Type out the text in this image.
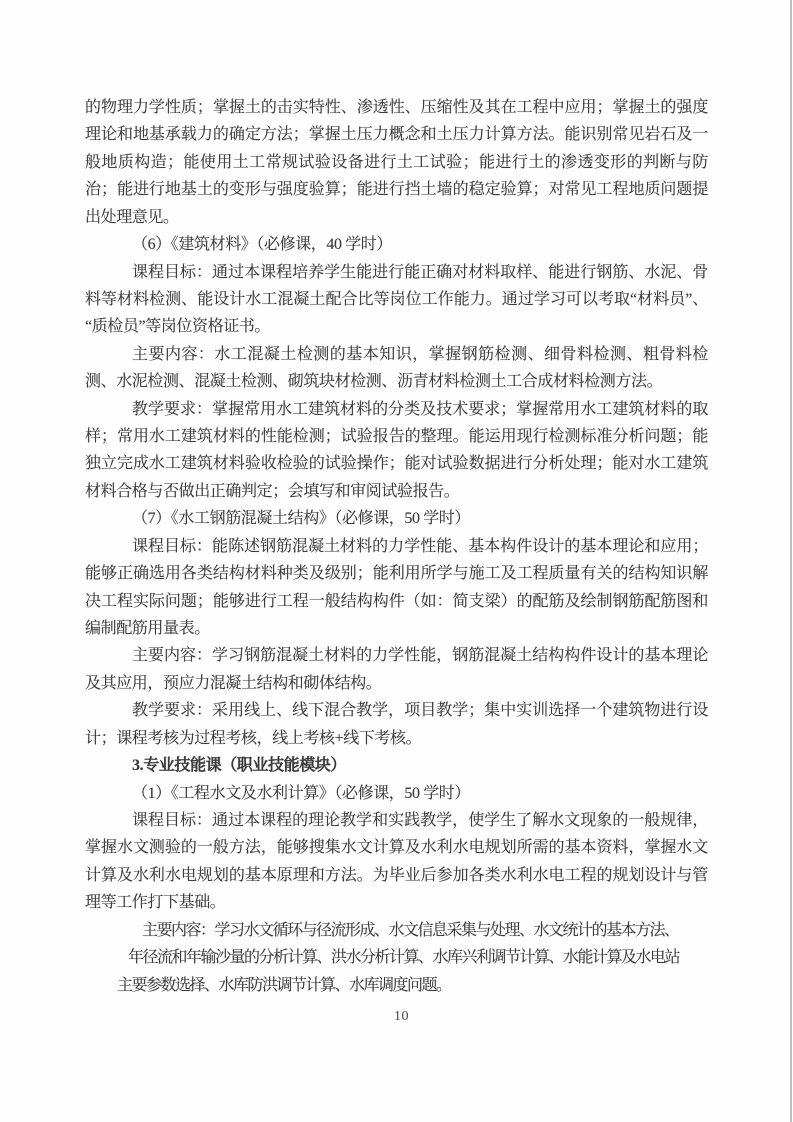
的物理力学性质；掌握土的击实特性、渗透性、压缩性及其在工程中应用；掌握土的强度理论和地基承载力的确定方法；掌握土压力概念和土压力计算方法。能识别常见岩石及一般地质构造；能使用土工常规试验设备进行土工试验；能进行土的渗透变形的判断与防治；能进行地基土的变形与强度验算；能进行挡土墙的稳定验算；对常见工程地质问题提出处理意见。

（6）《建筑材料》（必修课，40 学时）

课程目标：通过本课程培养学生能进行能正确对材料取样、能进行钢筋、水泥、骨料等材料检测、能设计水工混凝土配合比等岗位工作能力。通过学习可以考取“材料员”、“质检员”等岗位资格证书。

主要内容：水工混凝土检测的基本知识，掌握钢筋检测、细骨料检测、粗骨料检测、水泥检测、混凝土检测、砌筑块材检测、沥青材料检测土工合成材料检测方法。

教学要求：掌握常用水工建筑材料的分类及技术要求；掌握常用水工建筑材料的取样；常用水工建筑材料的性能检测；试验报告的整理。能运用现行检测标准分析问题；能独立完成水工建筑材料验收检验的试验操作；能对试验数据进行分析处理；能对水工建筑材料合格与否做出正确判定；会填写和审阅试验报告。

（7）《水工钢筋混凝土结构》（必修课，50 学时）

课程目标：能陈述钢筋混凝土材料的力学性能、基本构件设计的基本理论和应用；能够正确选用各类结构材料种类及级别；能利用所学与施工及工程质量有关的结构知识解决工程实际问题；能够进行工程一般结构构件（如：简支梁）的配筋及绘制钢筋配筋图和编制配筋用量表。

主要内容：学习钢筋混凝土材料的力学性能，钢筋混凝土结构构件设计的基本理论及其应用，预应力混凝土结构和砌体结构。

教学要求：采用线上、线下混合教学，项目教学；集中实训选择一个建筑物进行设计；课程考核为过程考核，线上考核+线下考核。

3.专业技能课（职业技能模块）

（1）《工程水文及水利计算》（必修课，50 学时）

课程目标：通过本课程的理论教学和实践教学，使学生了解水文现象的一般规律，掌握水文测验的一般方法，能够搜集水文计算及水利水电规划所需的基本资料，掌握水文计算及水利水电规划的基本原理和方法。为毕业后参加各类水利水电工程的规划设计与管理等工作打下基础。

主要内容：学习水文循环与径流形成、水文信息采集与处理、水文统计的基本方法、
年径流和年输沙量的分析计算、洪水分析计算、水库兴利调节计算、水能计算及水电站
主要参数选择、水库防洪调节计算、水库调度问题。

10
